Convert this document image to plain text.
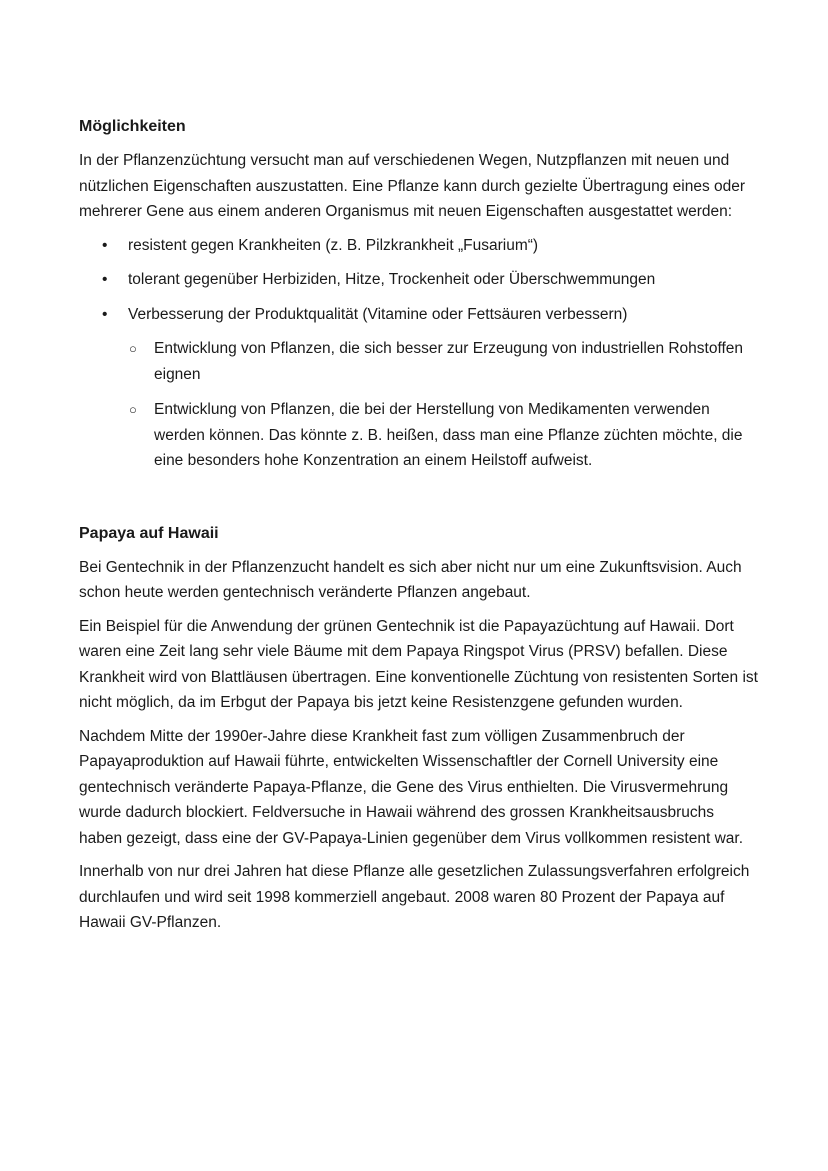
Möglichkeiten

In der Pflanzenzüchtung versucht man auf verschiedenen Wegen, Nutzpflanzen mit neuen und nützlichen Eigenschaften auszustatten. Eine Pflanze kann durch gezielte Übertragung eines oder mehrerer Gene aus einem anderen Organismus mit neuen Eigenschaften ausgestattet werden:

• resistent gegen Krankheiten (z. B. Pilzkrankheit „Fusarium“)
• tolerant gegenüber Herbiziden, Hitze, Trockenheit oder Überschwemmungen
• Verbesserung der Produktqualität (Vitamine oder Fettsäuren verbessern)
○ Entwicklung von Pflanzen, die sich besser zur Erzeugung von industriellen Rohstoffen eignen
○ Entwicklung von Pflanzen, die bei der Herstellung von Medikamenten verwenden werden können. Das könnte z. B. heißen, dass man eine Pflanze züchten möchte, die eine besonders hohe Konzentration an einem Heilstoff aufweist.
Papaya auf Hawaii

Bei Gentechnik in der Pflanzenzucht handelt es sich aber nicht nur um eine Zukunftsvision. Auch schon heute werden gentechnisch veränderte Pflanzen angebaut.

Ein Beispiel für die Anwendung der grünen Gentechnik ist die Papayazüchtung auf Hawaii. Dort waren eine Zeit lang sehr viele Bäume mit dem Papaya Ringspot Virus (PRSV) befallen. Diese Krankheit wird von Blattläusen übertragen. Eine konventionelle Züchtung von resistenten Sorten ist nicht möglich, da im Erbgut der Papaya bis jetzt keine Resistenzgene gefunden wurden.

Nachdem Mitte der 1990er-Jahre diese Krankheit fast zum völligen Zusammenbruch der Papayaproduktion auf Hawaii führte, entwickelten Wissenschaftler der Cornell University eine gentechnisch veränderte Papaya-Pflanze, die Gene des Virus enthielten. Die Virusvermehrung wurde dadurch blockiert. Feldversuche in Hawaii während des grossen Krankheitsausbruchs haben gezeigt, dass eine der GV-Papaya-Linien gegenüber dem Virus vollkommen resistent war.

Innerhalb von nur drei Jahren hat diese Pflanze alle gesetzlichen Zulassungsverfahren erfolgreich durchlaufen und wird seit 1998 kommerziell angebaut. 2008 waren 80 Prozent der Papaya auf Hawaii GV-Pflanzen.
